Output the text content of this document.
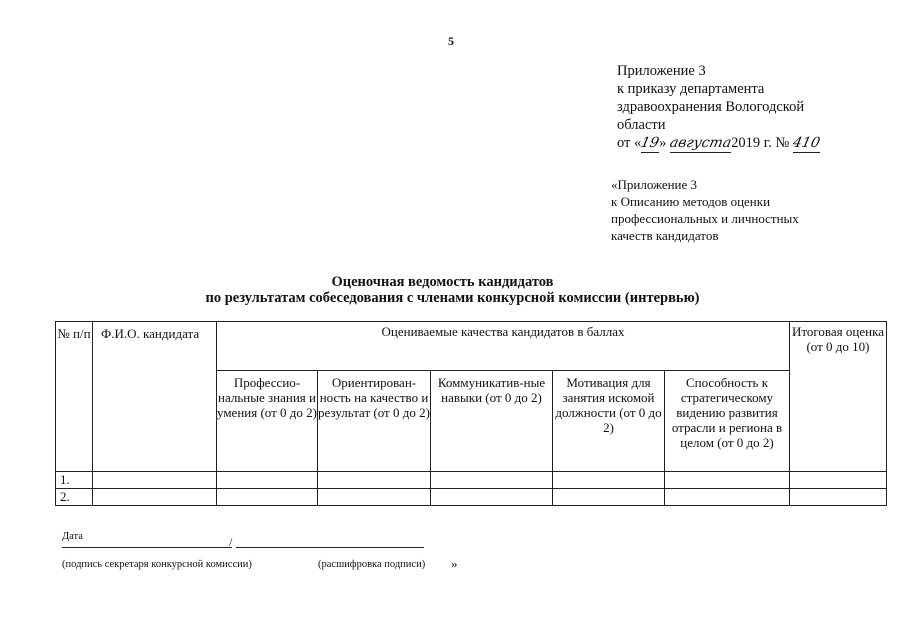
5
Приложение 3
к приказу департамента
здравоохранения Вологодской
области
от «19» августа2019 г. № 410
«Приложение 3
к Описанию методов оценки
профессиональных и личностных
качеств кандидатов
Оценочная ведомость кандидатов
по результатам собеседования с членами конкурсной комиссии (интервью)
№ п/п	Ф.И.О. кандидата	Оцениваемые качества кандидатов в баллах					Итоговая оценка (от 0 до 10)
		Профессио-нальные знания и умения (от 0 до 2)	Ориентирован-ность на качество и результат (от 0 до 2)	Коммуникатив-ные навыки (от 0 до 2)	Мотивация для занятия искомой должности (от 0 до 2)	Способность к стратегическому видению развития отрасли и региона в целом (от 0 до 2)	
1.							
2.							
Дата	/
(подпись секретаря конкурсной комиссии)	(расшифровка подписи) »
